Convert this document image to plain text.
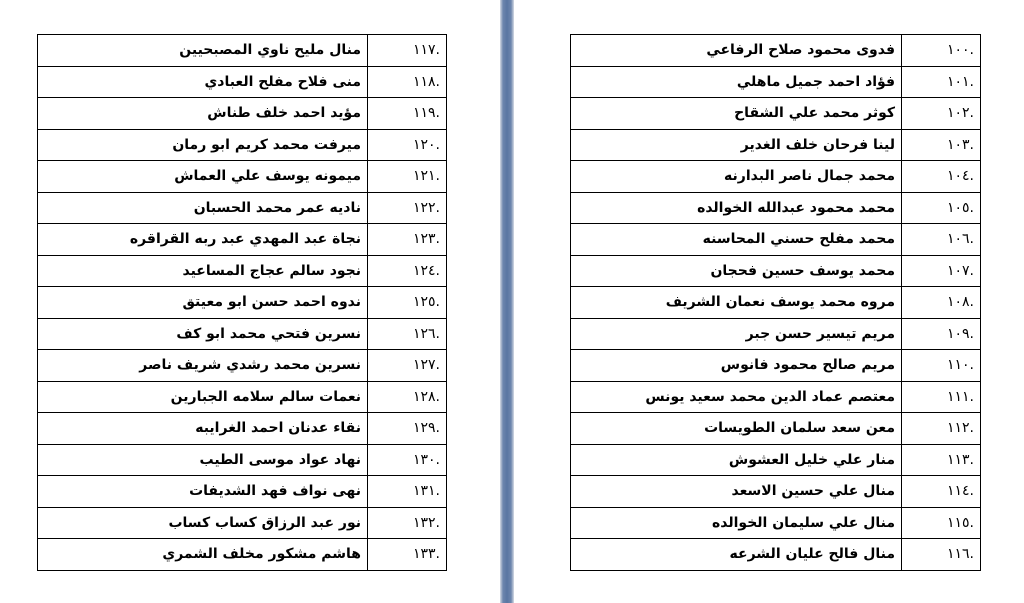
.١١٧	منال مليح ناوي المصبحيين
.١١٨	منى فلاح مفلح العبادي
.١١٩	مؤيد احمد خلف طناش
.١٢٠	ميرفت محمد كريم ابو رمان
.١٢١	ميمونه يوسف علي العماش
.١٢٢	ناديه عمر محمد الحسبان
.١٢٣	نجاة عبد المهدي عبد ربه القراقره
.١٢٤	نجود سالم عجاج المساعيد
.١٢٥	ندوه احمد حسن ابو معيتق
.١٢٦	نسرين فتحي محمد ابو كف
.١٢٧	نسرين محمد رشدي شريف ناصر
.١٢٨	نعمات سالم سلامه الجبارين
.١٢٩	نقاء عدنان احمد الغرايبه
.١٣٠	نهاد عواد موسى الطيب
.١٣١	نهى نواف فهد الشديفات
.١٣٢	نور عبد الرزاق كساب كساب
.١٣٣	هاشم مشكور مخلف الشمري
.١٠٠	فدوى محمود صلاح الرفاعي
.١٠١	فؤاد احمد جميل ماهلي
.١٠٢	كوثر محمد علي الشقاح
.١٠٣	لينا فرحان خلف الغدير
.١٠٤	محمد جمال ناصر البدارنه
.١٠٥	محمد محمود عبدالله الخوالده
.١٠٦	محمد مفلح حسني المحاسنه
.١٠٧	محمد يوسف حسين فحجان
.١٠٨	مروه محمد يوسف نعمان الشريف
.١٠٩	مريم تيسير حسن جبر
.١١٠	مريم صالح محمود فانوس
.١١١	معتصم عماد الدين محمد سعيد يونس
.١١٢	معن سعد سلمان الطويسات
.١١٣	منار علي خليل العشوش
.١١٤	منال علي حسين الاسعد
.١١٥	منال علي سليمان الخوالده
.١١٦	منال فالح عليان الشرعه
